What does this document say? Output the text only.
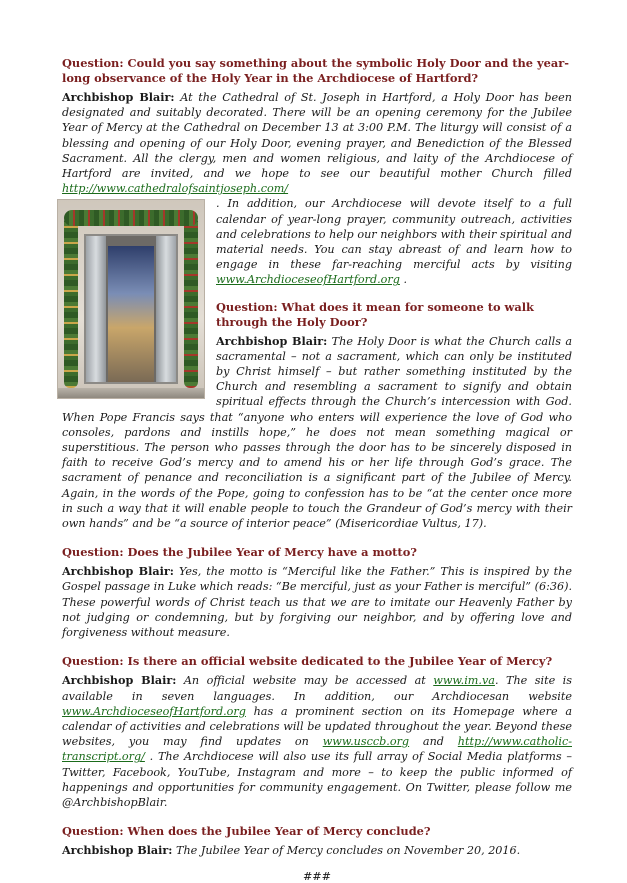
Question: Could you say something about the symbolic Holy Door and the year-long observance of the Holy Year in the Archdiocese of Hartford?

Archbishop Blair: At the Cathedral of St. Joseph in Hartford, a Holy Door has been designated and suitably decorated. There will be an opening ceremony for the Jubilee Year of Mercy at the Cathedral on December 13 at 3:00 P.M. The liturgy will consist of a blessing and opening of our Holy Door, evening prayer, and Benediction of the Blessed Sacrament. All the clergy, men and women religious, and laity of the Archdiocese of Hartford are invited, and we hope to see our beautiful mother Church filled http://www.cathedralofsaintjoseph.com/

. In addition, our Archdiocese will devote itself to a full calendar of year-long prayer, community outreach, activities and celebrations to help our neighbors with their spiritual and material needs. You can stay abreast of and learn how to engage in these far-reaching merciful acts by visiting www.ArchdioceseofHartford.org .

Question: What does it mean for someone to walk through the Holy Door?

Archbishop Blair: The Holy Door is what the Church calls a sacramental – not a sacrament, which can only be instituted by Christ himself – but rather something instituted by the Church and resembling a sacrament to signify and obtain spiritual effects through the Church’s intercession with God. When Pope Francis says that “anyone who enters will experience the love of God who consoles, pardons and instills hope,” he does not mean something magical or superstitious. The person who passes through the door has to be sincerely disposed in faith to receive God’s mercy and to amend his or her life through God’s grace. The sacrament of penance and reconciliation is a significant part of the Jubilee of Mercy. Again, in the words of the Pope, going to confession has to be “at the center once more in such a way that it will enable people to touch the Grandeur of God’s mercy with their own hands” and be “a source of interior peace” (Misericordiae Vultus, 17).

Question: Does the Jubilee Year of Mercy have a motto?

Archbishop Blair: Yes, the motto is “Merciful like the Father.” This is inspired by the Gospel passage in Luke which reads: “Be merciful, just as your Father is merciful” (6:36). These powerful words of Christ teach us that we are to imitate our Heavenly Father by not judging or condemning, but by forgiving our neighbor, and by offering love and forgiveness without measure.

Question: Is there an official website dedicated to the Jubilee Year of Mercy?

Archbishop Blair: An official website may be accessed at www.im.va. The site is available in seven languages. In addition, our Archdiocesan website www.ArchdioceseofHartford.org has a prominent section on its Homepage where a calendar of activities and celebrations will be updated throughout the year. Beyond these websites, you may find updates on www.usccb.org and http://www.catholic-transcript.org/ . The Archdiocese will also use its full array of Social Media platforms – Twitter, Facebook, YouTube, Instagram and more – to keep the public informed of happenings and opportunities for community engagement. On Twitter, please follow me @ArchbishopBlair.

Question: When does the Jubilee Year of Mercy conclude?

Archbishop Blair: The Jubilee Year of Mercy concludes on November 20, 2016.

###
